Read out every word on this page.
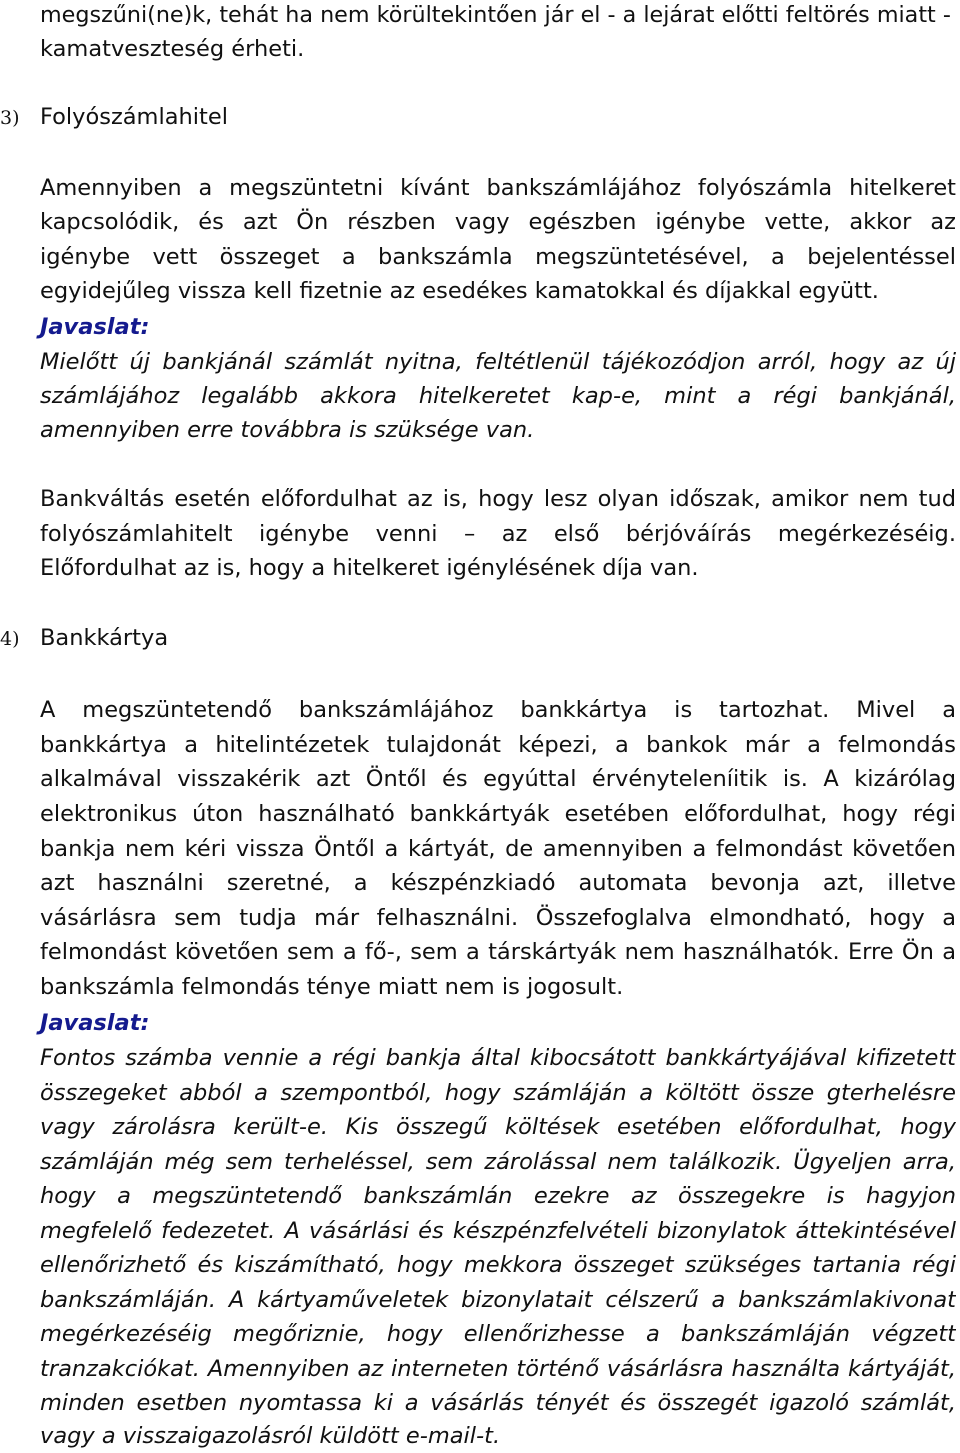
megszűni(ne)k, tehát ha nem körültekintően jár el - a lejárat előtti feltörés miatt -
kamatveszteség érheti.
3) Folyószámlahitel
Amennyiben a megszüntetni kívánt bankszámlájához folyószámla hitelkeret
kapcsolódik, és azt Ön részben vagy egészben igénybe vette, akkor az
igénybe vett összeget a bankszámla megszüntetésével, a bejelentéssel
egyidejűleg vissza kell fizetnie az esedékes kamatokkal és díjakkal együtt.
Javaslat:
Mielőtt új bankjánál számlát nyitna, feltétlenül tájékozódjon arról, hogy az új
számlájához legalább akkora hitelkeretet kap-e, mint a régi bankjánál,
amennyiben erre továbbra is szüksége van.
Bankváltás esetén előfordulhat az is, hogy lesz olyan időszak, amikor nem tud
folyószámlahitelt igénybe venni – az első bérjóváírás megérkezéséig.
Előfordulhat az is, hogy a hitelkeret igénylésének díja van.
4) Bankkártya
A megszüntetendő bankszámlájához bankkártya is tartozhat. Mivel a
bankkártya a hitelintézetek tulajdonát képezi, a bankok már a felmondás
alkalmával visszakérik azt Öntől és egyúttal érvényteleníitik is. A kizárólag
elektronikus úton használható bankkártyák esetében előfordulhat, hogy régi
bankja nem kéri vissza Öntől a kártyát, de amennyiben a felmondást követően
azt használni szeretné, a készpénzkiadó automata bevonja azt, illetve
vásárlásra sem tudja már felhasználni. Összefoglalva elmondható, hogy a
felmondást követően sem a fő-, sem a társkártyák nem használhatók. Erre Ön a
bankszámla felmondás ténye miatt nem is jogosult.
Javaslat:
Fontos számba vennie a régi bankja által kibocsátott bankkártyájával kifizetett
összegeket abból a szempontból, hogy számláján a költött össze gterhelésre
vagy zárolásra került-e. Kis összegű költések esetében előfordulhat, hogy
számláján még sem terheléssel, sem zárolással nem találkozik. Ügyeljen arra,
hogy a megszüntetendő bankszámlán ezekre az összegekre is hagyjon
megfelelő fedezetet. A vásárlási és készpénzfelvételi bizonylatok áttekintésével
ellenőrizhető és kiszámítható, hogy mekkora összeget szükséges tartania régi
bankszámláján. A kártyaműveletek bizonylatait célszerű a bankszámlakivonat
megérkezéséig megőriznie, hogy ellenőrizhesse a bankszámláján végzett
tranzakciókat. Amennyiben az interneten történő vásárlásra használta kártyáját,
minden esetben nyomtassa ki a vásárlás tényét és összegét igazoló számlát,
vagy a visszaigazolásról küldött e-mail-t.
